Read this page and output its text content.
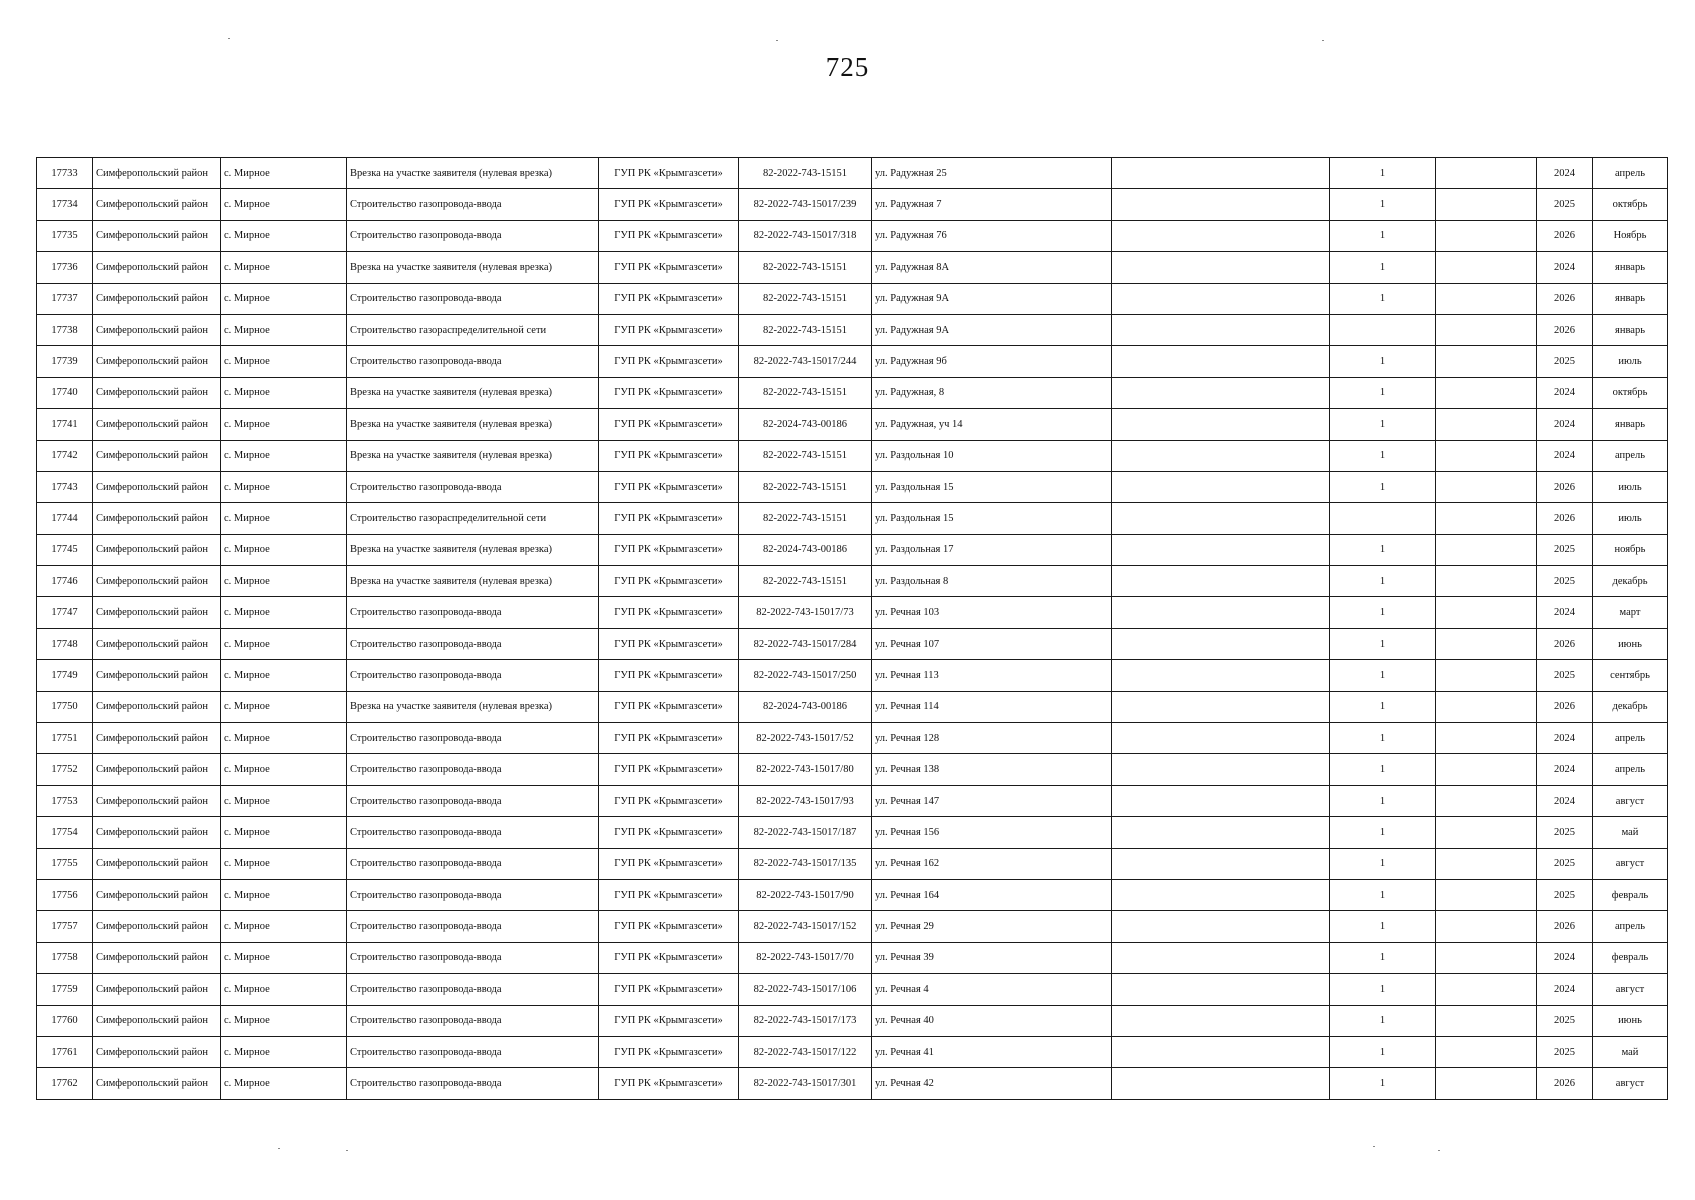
725
17733	Симферопольский район	с. Мирное	Врезка на участке заявителя (нулевая врезка)	ГУП РК «Крымгазсети»	82-2022-743-15151	ул. Радужная 25		1		2024	апрель
17734	Симферопольский район	с. Мирное	Строительство газопровода-ввода	ГУП РК «Крымгазсети»	82-2022-743-15017/239	ул. Радужная 7		1		2025	октябрь
17735	Симферопольский район	с. Мирное	Строительство газопровода-ввода	ГУП РК «Крымгазсети»	82-2022-743-15017/318	ул. Радужная 76		1		2026	Ноябрь
17736	Симферопольский район	с. Мирное	Врезка на участке заявителя (нулевая врезка)	ГУП РК «Крымгазсети»	82-2022-743-15151	ул. Радужная 8А		1		2024	январь
17737	Симферопольский район	с. Мирное	Строительство газопровода-ввода	ГУП РК «Крымгазсети»	82-2022-743-15151	ул. Радужная 9А		1		2026	январь
17738	Симферопольский район	с. Мирное	Строительство газораспределительной сети	ГУП РК «Крымгазсети»	82-2022-743-15151	ул. Радужная 9А				2026	январь
17739	Симферопольский район	с. Мирное	Строительство газопровода-ввода	ГУП РК «Крымгазсети»	82-2022-743-15017/244	ул. Радужная 9б		1		2025	июль
17740	Симферопольский район	с. Мирное	Врезка на участке заявителя (нулевая врезка)	ГУП РК «Крымгазсети»	82-2022-743-15151	ул. Радужная, 8		1		2024	октябрь
17741	Симферопольский район	с. Мирное	Врезка на участке заявителя (нулевая врезка)	ГУП РК «Крымгазсети»	82-2024-743-00186	ул. Радужная, уч 14		1		2024	январь
17742	Симферопольский район	с. Мирное	Врезка на участке заявителя (нулевая врезка)	ГУП РК «Крымгазсети»	82-2022-743-15151	ул. Раздольная 10		1		2024	апрель
17743	Симферопольский район	с. Мирное	Строительство газопровода-ввода	ГУП РК «Крымгазсети»	82-2022-743-15151	ул. Раздольная 15		1		2026	июль
17744	Симферопольский район	с. Мирное	Строительство газораспределительной сети	ГУП РК «Крымгазсети»	82-2022-743-15151	ул. Раздольная 15				2026	июль
17745	Симферопольский район	с. Мирное	Врезка на участке заявителя (нулевая врезка)	ГУП РК «Крымгазсети»	82-2024-743-00186	ул. Раздольная 17		1		2025	ноябрь
17746	Симферопольский район	с. Мирное	Врезка на участке заявителя (нулевая врезка)	ГУП РК «Крымгазсети»	82-2022-743-15151	ул. Раздольная 8		1		2025	декабрь
17747	Симферопольский район	с. Мирное	Строительство газопровода-ввода	ГУП РК «Крымгазсети»	82-2022-743-15017/73	ул. Речная 103		1		2024	март
17748	Симферопольский район	с. Мирное	Строительство газопровода-ввода	ГУП РК «Крымгазсети»	82-2022-743-15017/284	ул. Речная 107		1		2026	июнь
17749	Симферопольский район	с. Мирное	Строительство газопровода-ввода	ГУП РК «Крымгазсети»	82-2022-743-15017/250	ул. Речная 113		1		2025	сентябрь
17750	Симферопольский район	с. Мирное	Врезка на участке заявителя (нулевая врезка)	ГУП РК «Крымгазсети»	82-2024-743-00186	ул. Речная 114		1		2026	декабрь
17751	Симферопольский район	с. Мирное	Строительство газопровода-ввода	ГУП РК «Крымгазсети»	82-2022-743-15017/52	ул. Речная 128		1		2024	апрель
17752	Симферопольский район	с. Мирное	Строительство газопровода-ввода	ГУП РК «Крымгазсети»	82-2022-743-15017/80	ул. Речная 138		1		2024	апрель
17753	Симферопольский район	с. Мирное	Строительство газопровода-ввода	ГУП РК «Крымгазсети»	82-2022-743-15017/93	ул. Речная 147		1		2024	август
17754	Симферопольский район	с. Мирное	Строительство газопровода-ввода	ГУП РК «Крымгазсети»	82-2022-743-15017/187	ул. Речная 156		1		2025	май
17755	Симферопольский район	с. Мирное	Строительство газопровода-ввода	ГУП РК «Крымгазсети»	82-2022-743-15017/135	ул. Речная 162		1		2025	август
17756	Симферопольский район	с. Мирное	Строительство газопровода-ввода	ГУП РК «Крымгазсети»	82-2022-743-15017/90	ул. Речная 164		1		2025	февраль
17757	Симферопольский район	с. Мирное	Строительство газопровода-ввода	ГУП РК «Крымгазсети»	82-2022-743-15017/152	ул. Речная 29		1		2026	апрель
17758	Симферопольский район	с. Мирное	Строительство газопровода-ввода	ГУП РК «Крымгазсети»	82-2022-743-15017/70	ул. Речная 39		1		2024	февраль
17759	Симферопольский район	с. Мирное	Строительство газопровода-ввода	ГУП РК «Крымгазсети»	82-2022-743-15017/106	ул. Речная 4		1		2024	август
17760	Симферопольский район	с. Мирное	Строительство газопровода-ввода	ГУП РК «Крымгазсети»	82-2022-743-15017/173	ул. Речная 40		1		2025	июнь
17761	Симферопольский район	с. Мирное	Строительство газопровода-ввода	ГУП РК «Крымгазсети»	82-2022-743-15017/122	ул. Речная 41		1		2025	май
17762	Симферопольский район	с. Мирное	Строительство газопровода-ввода	ГУП РК «Крымгазсети»	82-2022-743-15017/301	ул. Речная 42		1		2026	август
